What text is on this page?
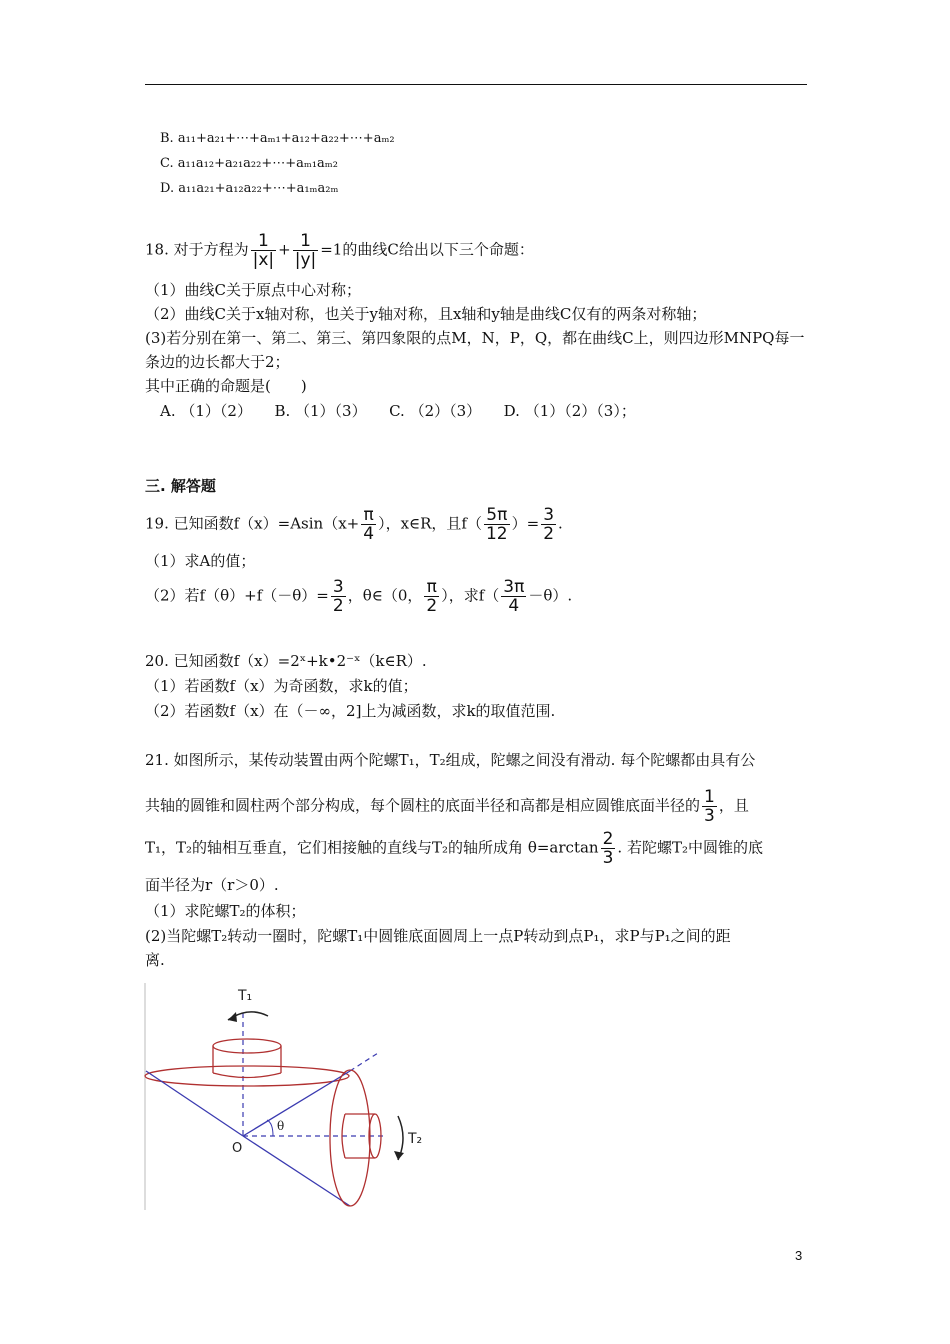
B. a₁₁+a₂₁+⋯+aₘ₁+a₁₂+a₂₂+⋯+aₘ₂
C. a₁₁a₁₂+a₂₁a₂₂+⋯+aₘ₁aₘ₂
D. a₁₁a₂₁+a₁₂a₂₂+⋯+a₁ₘa₂ₘ
18. 对于方程为 $\frac{1}{|x|} + \frac{1}{|y|} =1$的曲线C给出以下三个命题：
（1）曲线C关于原点中心对称；
（2）曲线C关于x轴对称，也关于y轴对称，且x轴和y轴是曲线C仅有的两条对称轴；
(3)若分别在第一、第二、第三、第四象限的点M，N，P，Q，都在曲线C上，则四边形MNPQ每一
条边的边长都大于2；
其中正确的命题是(　　)
A. （1）（2）　　B. （1）（3）　　C. （2）（3）　　D. （1）（2）（3）；
三. 解答题
19. 已知函数$f(x)=Asin(x+ \frac{\pi}{4}$ ），x∈R，且$f( \frac{5\pi}{12}$ ）= $\frac{3}{2}$ .
（1）求A的值；
（2）若$f(\theta)+f(-\theta)= \frac{3}{2}$ ，θ∈（0， $\frac{\pi}{2}$ ），求$f( \frac{3\pi}{4} -\theta)$.
20. 已知函数f（x）=2ˣ+k•2⁻ˣ（k∈R）.
（1）若函数f（x）为奇函数，求k的值；
（2）若函数f（x）在（－∞，2]上为减函数，求k的取值范围.
21. 如图所示，某传动装置由两个陀螺T₁，T₂组成，陀螺之间没有滑动. 每个陀螺都由具有公
共轴的圆锥和圆柱两个部分构成，每个圆柱的底面半径和高都是相应圆锥底面半径的 $\frac{1}{3}$ ，且
T₁，T₂的轴相互垂直，它们相接触的直线与T₂的轴所成角 $\theta=\arctan \frac{2}{3}$ . 若陀螺T₂中圆锥的底
面半径为r（r＞0）.
（1）求陀螺T₂的体积；
(2)当陀螺T₂转动一圈时，陀螺T₁中圆锥底面圆周上一点P转动到点P₁，求P与P₁之间的距
离.
T₁
T₂
O
θ
3
